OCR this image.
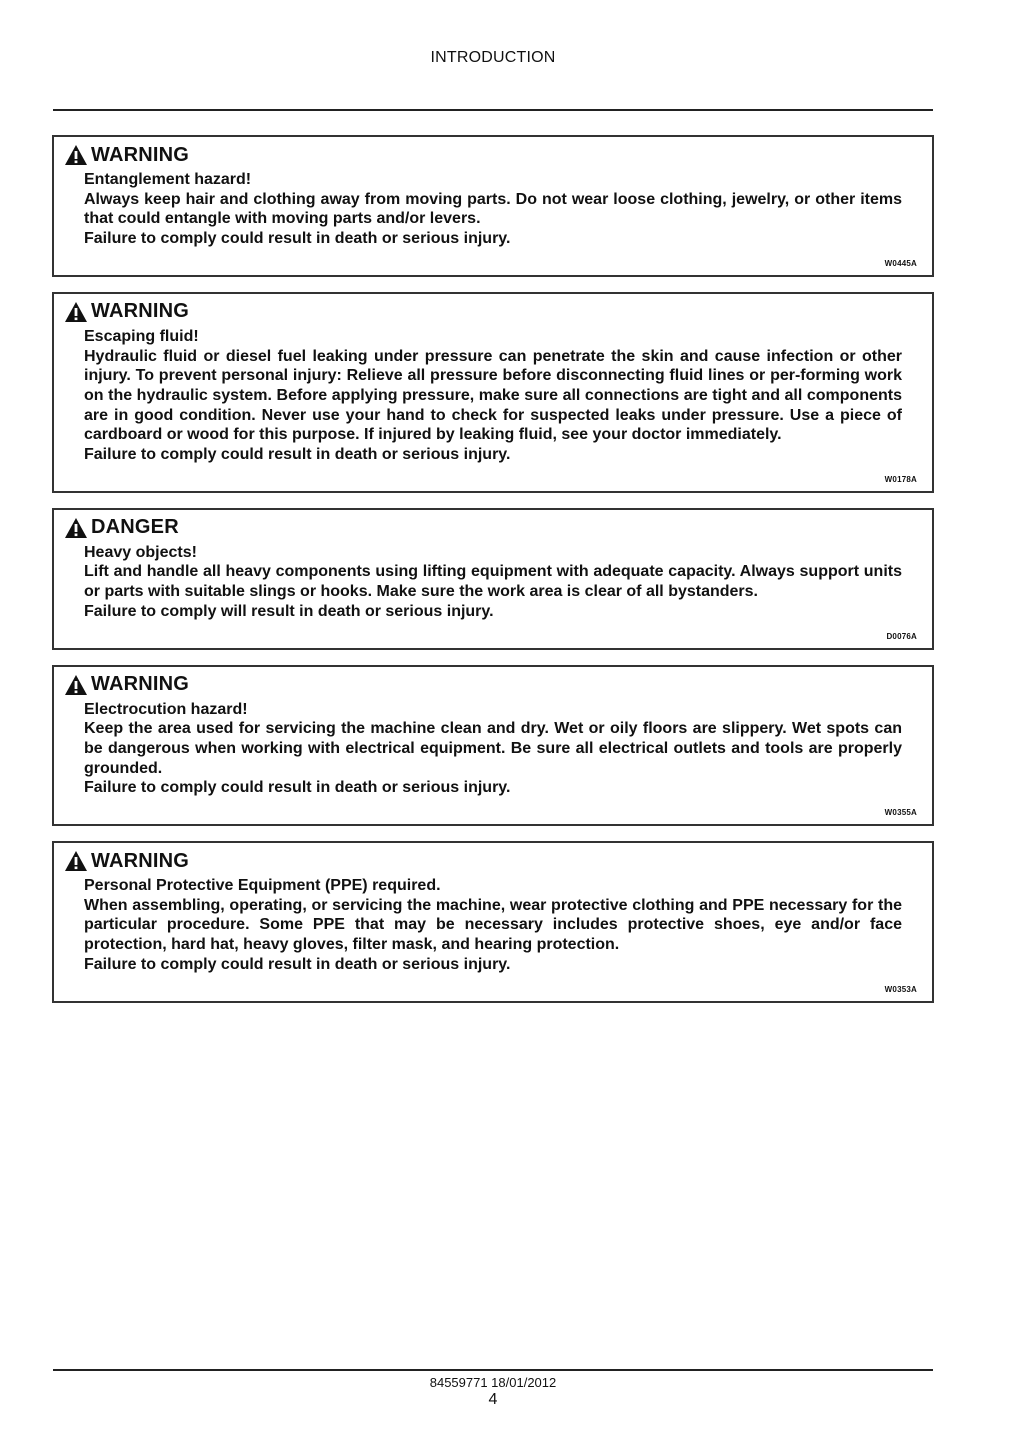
INTRODUCTION
WARNING

Entanglement hazard!

Always keep hair and clothing away from moving parts. Do not wear loose clothing, jewelry, or other items that could entangle with moving parts and/or levers.

Failure to comply could result in death or serious injury.

W0445A
WARNING

Escaping fluid!

Hydraulic fluid or diesel fuel leaking under pressure can penetrate the skin and cause infection or other injury. To prevent personal injury: Relieve all pressure before disconnecting fluid lines or per-forming work on the hydraulic system. Before applying pressure, make sure all connections are tight and all components are in good condition. Never use your hand to check for suspected leaks under pressure. Use a piece of cardboard or wood for this purpose. If injured by leaking fluid, see your doctor immediately.

Failure to comply could result in death or serious injury.

W0178A
DANGER

Heavy objects!

Lift and handle all heavy components using lifting equipment with adequate capacity. Always support units or parts with suitable slings or hooks. Make sure the work area is clear of all bystanders.

Failure to comply will result in death or serious injury.

D0076A
WARNING

Electrocution hazard!

Keep the area used for servicing the machine clean and dry. Wet or oily floors are slippery. Wet spots can be dangerous when working with electrical equipment. Be sure all electrical outlets and tools are properly grounded.

Failure to comply could result in death or serious injury.

W0355A
WARNING

Personal Protective Equipment (PPE) required.

When assembling, operating, or servicing the machine, wear protective clothing and PPE necessary for the particular procedure. Some PPE that may be necessary includes protective shoes, eye and/or face protection, hard hat, heavy gloves, filter mask, and hearing protection.

Failure to comply could result in death or serious injury.

W0353A
84559771 18/01/2012
4
